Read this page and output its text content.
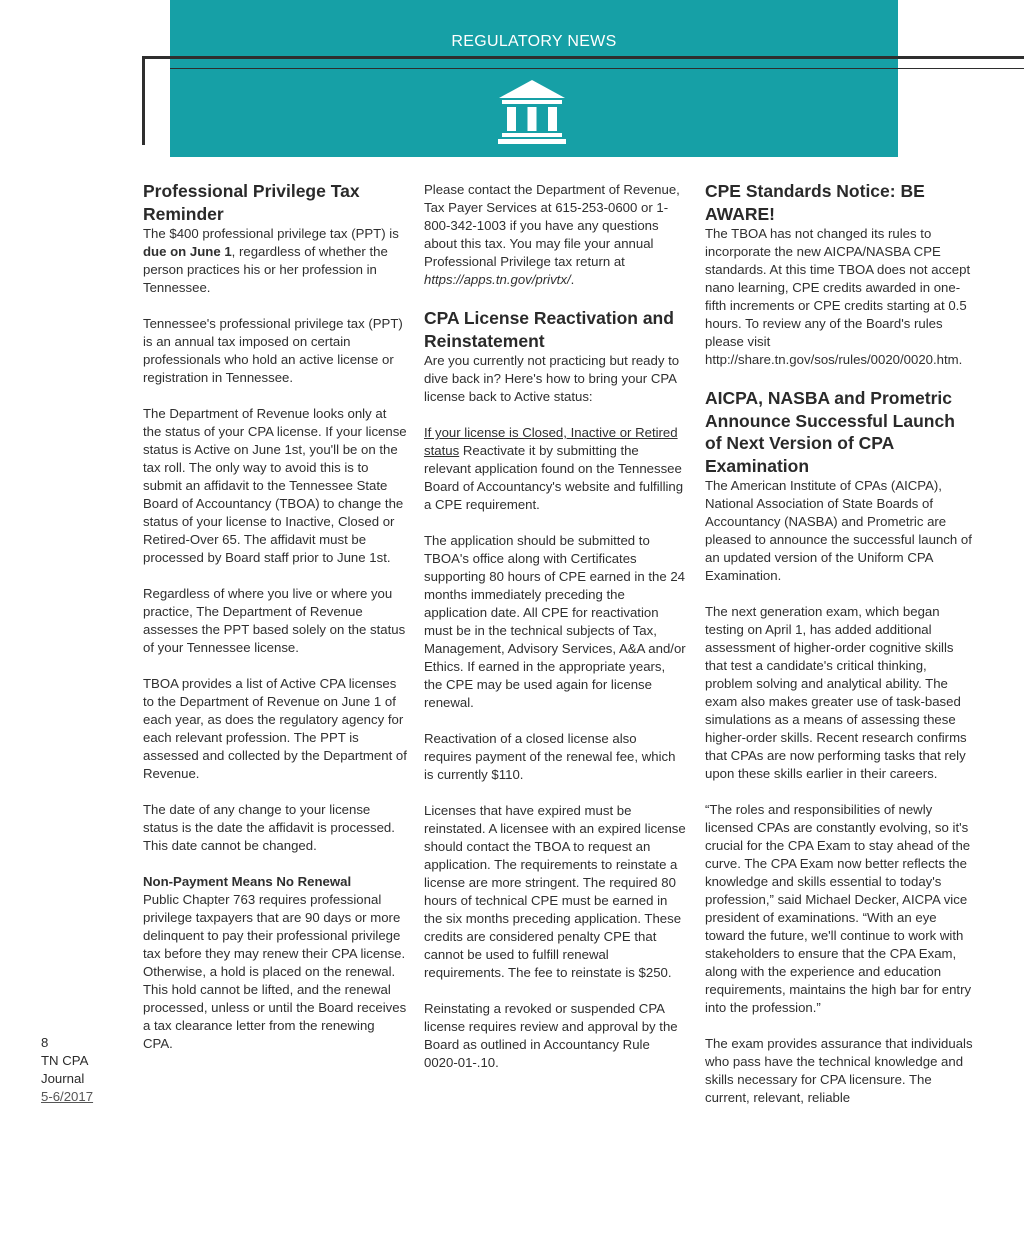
REGULATORY NEWS
Professional Privilege Tax Reminder

The $400 professional privilege tax (PPT) is due on June 1, regardless of whether the person practices his or her profession in Tennessee.

Tennessee's professional privilege tax (PPT) is an annual tax imposed on certain professionals who hold an active license or registration in Tennessee.

The Department of Revenue looks only at the status of your CPA license. If your license status is Active on June 1st, you'll be on the tax roll. The only way to avoid this is to submit an affidavit to the Tennessee State Board of Accountancy (TBOA) to change the status of your license to Inactive, Closed or Retired-Over 65. The affidavit must be processed by Board staff prior to June 1st.

Regardless of where you live or where you practice, The Department of Revenue assesses the PPT based solely on the status of your Tennessee license.

TBOA provides a list of Active CPA licenses to the Department of Revenue on June 1 of each year, as does the regulatory agency for each relevant profession. The PPT is assessed and collected by the Department of Revenue.

The date of any change to your license status is the date the affidavit is processed. This date cannot be changed.

Non-Payment Means No Renewal

Public Chapter 763 requires professional privilege taxpayers that are 90 days or more delinquent to pay their professional privilege tax before they may renew their CPA license. Otherwise, a hold is placed on the renewal. This hold cannot be lifted, and the renewal processed, unless or until the Board receives a tax clearance letter from the renewing CPA.

Please contact the Department of Revenue, Tax Payer Services at 615-253-0600 or 1-800-342-1003 if you have any questions about this tax. You may file your annual Professional Privilege tax return at https://apps.tn.gov/privtx/.

CPA License Reactivation and Reinstatement

Are you currently not practicing but ready to dive back in? Here's how to bring your CPA license back to Active status:

If your license is Closed, Inactive or Retired status Reactivate it by submitting the relevant application found on the Tennessee Board of Accountancy's website and fulfilling a CPE requirement.

The application should be submitted to TBOA's office along with Certificates supporting 80 hours of CPE earned in the 24 months immediately preceding the application date. All CPE for reactivation must be in the technical subjects of Tax, Management, Advisory Services, A&A and/or Ethics. If earned in the appropriate years, the CPE may be used again for license renewal.

Reactivation of a closed license also requires payment of the renewal fee, which is currently $110.

Licenses that have expired must be reinstated. A licensee with an expired license should contact the TBOA to request an application. The requirements to reinstate a license are more stringent. The required 80 hours of technical CPE must be earned in the six months preceding application. These credits are considered penalty CPE that cannot be used to fulfill renewal requirements. The fee to reinstate is $250.

Reinstating a revoked or suspended CPA license requires review and approval by the Board as outlined in Accountancy Rule 0020-01-.10.

CPE Standards Notice: BE AWARE!

The TBOA has not changed its rules to incorporate the new AICPA/NASBA CPE standards. At this time TBOA does not accept nano learning, CPE credits awarded in one-fifth increments or CPE credits starting at 0.5 hours. To review any of the Board's rules please visit http://share.tn.gov/sos/rules/0020/0020.htm.

AICPA, NASBA and Prometric Announce Successful Launch of Next Version of CPA Examination

The American Institute of CPAs (AICPA), National Association of State Boards of Accountancy (NASBA) and Prometric are pleased to announce the successful launch of an updated version of the Uniform CPA Examination.

The next generation exam, which began testing on April 1, has added additional assessment of higher-order cognitive skills that test a candidate's critical thinking, problem solving and analytical ability. The exam also makes greater use of task-based simulations as a means of assessing these higher-order skills. Recent research confirms that CPAs are now performing tasks that rely upon these skills earlier in their careers.

“The roles and responsibilities of newly licensed CPAs are constantly evolving, so it's crucial for the CPA Exam to stay ahead of the curve. The CPA Exam now better reflects the knowledge and skills essential to today's profession,” said Michael Decker, AICPA vice president of examinations. “With an eye toward the future, we'll continue to work with stakeholders to ensure that the CPA Exam, along with the experience and education requirements, maintains the high bar for entry into the profession.”

The exam provides assurance that individuals who pass have the technical knowledge and skills necessary for CPA licensure. The current, relevant, reliable

8
TN CPA
Journal
5-6/2017
